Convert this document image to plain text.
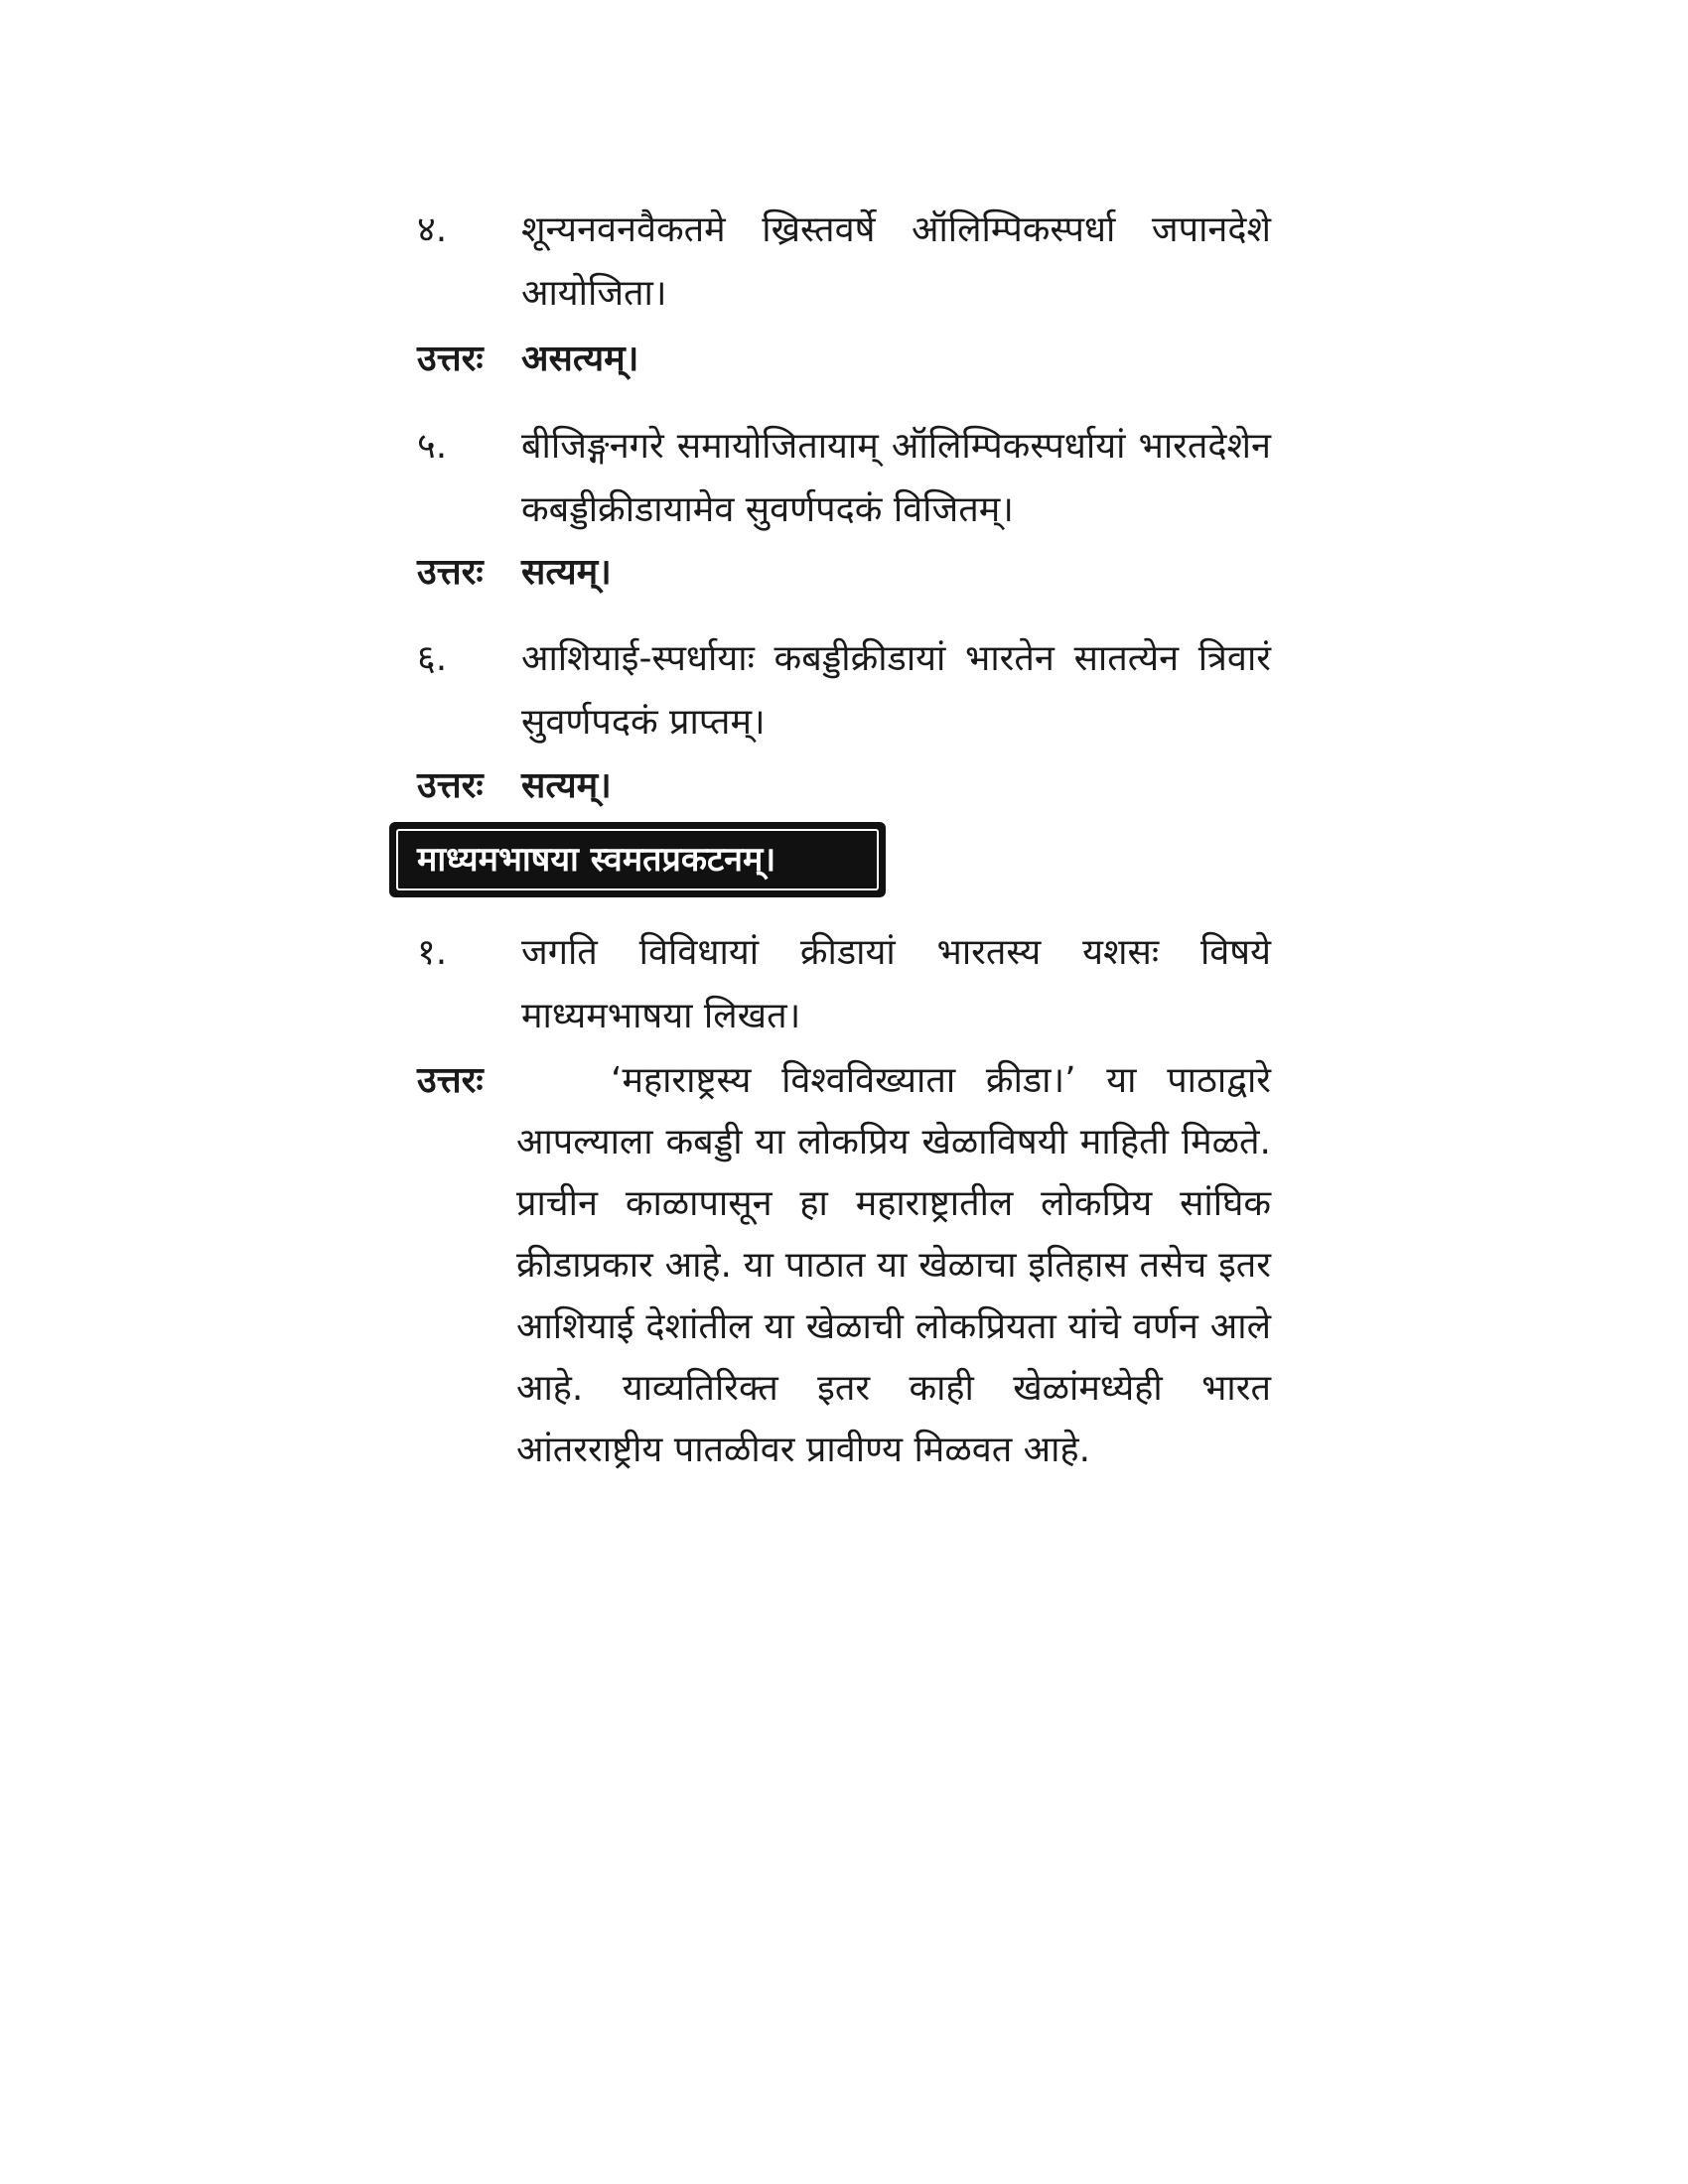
४.	शून्यनवनवैकतमे ख्रिस्तवर्षे ऑलिम्पिकस्पर्धा जपानदेशे आयोजिता।
उत्तरः असत्यम्।
५.	बीजिङ्गनगरे समायोजितायाम् ऑलिम्पिकस्पर्धायां भारतदेशेन कबड्डीक्रीडायामेव सुवर्णपदकं विजितम्।
उत्तरः सत्यम्।
६.	आशियाई-स्पर्धायाः कबड्डीक्रीडायां भारतेन सातत्येन त्रिवारं सुवर्णपदकं प्राप्तम्।
उत्तरः सत्यम्।
माध्यमभाषया स्वमतप्रकटनम्।
१.	जगति विविधायां क्रीडायां भारतस्य यशसः विषये माध्यमभाषया लिखत।
उत्तरः	‘महाराष्ट्रस्य विश्वविख्याता क्रीडा।’ या पाठाद्वारे आपल्याला कबड्डी या लोकप्रिय खेळाविषयी माहिती मिळते. प्राचीन काळापासून हा महाराष्ट्रातील लोकप्रिय सांघिक क्रीडाप्रकार आहे. या पाठात या खेळाचा इतिहास तसेच इतर आशियाई देशांतील या खेळाची लोकप्रियता यांचे वर्णन आले आहे. याव्यतिरिक्त इतर काही खेळांमध्येही भारत आंतरराष्ट्रीय पातळीवर प्रावीण्य मिळवत आहे.
